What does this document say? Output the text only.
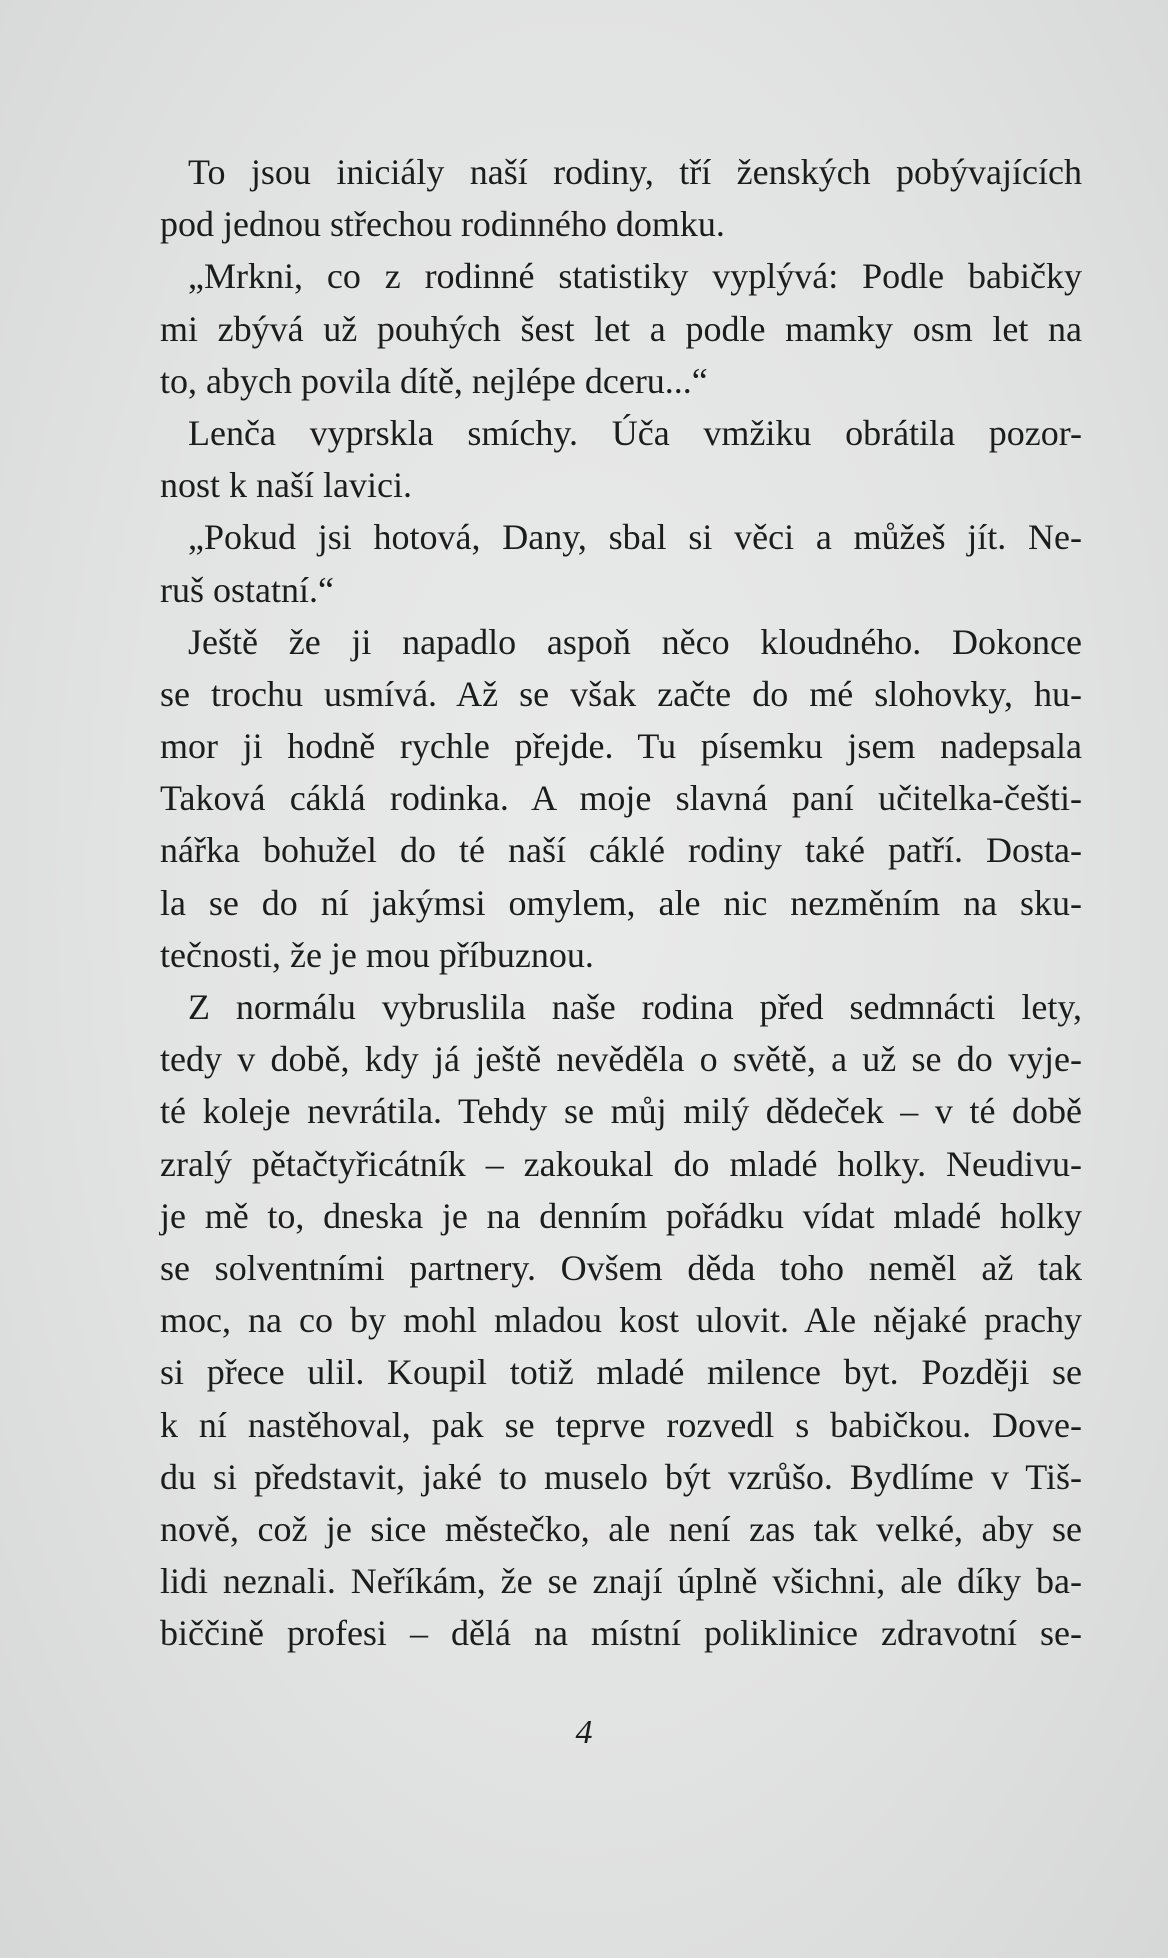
To jsou iniciály naší rodiny, tří ženských pobývajících
pod jednou střechou rodinného domku.
„Mrkni, co z rodinné statistiky vyplývá: Podle babičky
mi zbývá už pouhých šest let a podle mamky osm let na
to, abych povila dítě, nejlépe dceru...“
Lenča vyprskla smíchy. Úča vmžiku obrátila pozor-
nost k naší lavici.
„Pokud jsi hotová, Dany, sbal si věci a můžeš jít. Ne-
ruš ostatní.“
Ještě že ji napadlo aspoň něco kloudného. Dokonce
se trochu usmívá. Až se však začte do mé slohovky, hu-
mor ji hodně rychle přejde. Tu písemku jsem nadepsala
Taková cáklá rodinka. A moje slavná paní učitelka-češti-
nářka bohužel do té naší cáklé rodiny také patří. Dosta-
la se do ní jakýmsi omylem, ale nic nezměním na sku-
tečnosti, že je mou příbuznou.
Z normálu vybruslila naše rodina před sedmnácti lety,
tedy v době, kdy já ještě nevěděla o světě, a už se do vyje-
té koleje nevrátila. Tehdy se můj milý dědeček – v té době
zralý pětačtyřicátník – zakoukal do mladé holky. Neudivu-
je mě to, dneska je na denním pořádku vídat mladé holky
se solventními partnery. Ovšem děda toho neměl až tak
moc, na co by mohl mladou kost ulovit. Ale nějaké prachy
si přece ulil. Koupil totiž mladé milence byt. Později se
k ní nastěhoval, pak se teprve rozvedl s babičkou. Dove-
du si představit, jaké to muselo být vzrůšo. Bydlíme v Tiš-
nově, což je sice městečko, ale není zas tak velké, aby se
lidi neznali. Neříkám, že se znají úplně všichni, ale díky ba-
biččině profesi – dělá na místní poliklinice zdravotní se-
4
